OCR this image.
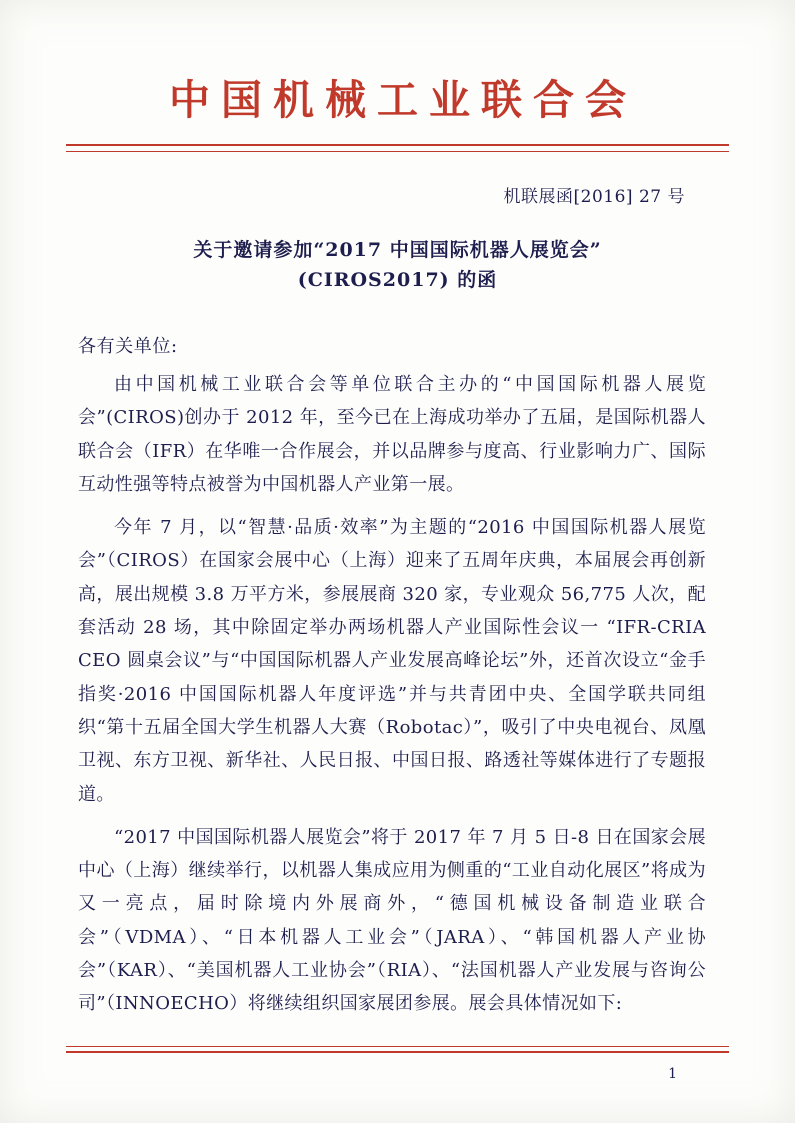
中国机械工业联合会
机联展函[2016] 27 号
关于邀请参加“2017 中国国际机器人展览会”
(CIROS2017) 的函
各有关单位:

由中国机械工业联合会等单位联合主办的“中国国际机器人展览会”(CIROS)创办于 2012 年，至今已在上海成功举办了五届，是国际机器人联合会（IFR）在华唯一合作展会，并以品牌参与度高、行业影响力广、国际互动性强等特点被誉为中国机器人产业第一展。

今年 7 月，以“智慧·品质·效率”为主题的“2016 中国国际机器人展览会”（CIROS）在国家会展中心（上海）迎来了五周年庆典，本届展会再创新高，展出规模 3.8 万平方米，参展展商 320 家，专业观众 56,775 人次，配套活动 28 场，其中除固定举办两场机器人产业国际性会议一 “IFR-CRIA CEO 圆桌会议”与“中国国际机器人产业发展高峰论坛”外，还首次设立“金手指奖·2016 中国国际机器人年度评选”并与共青团中央、全国学联共同组织“第十五届全国大学生机器人大赛（Robotac）”，吸引了中央电视台、凤凰卫视、东方卫视、新华社、人民日报、中国日报、路透社等媒体进行了专题报道。

“2017 中国国际机器人展览会”将于 2017 年 7 月 5 日-8 日在国家会展中心（上海）继续举行，以机器人集成应用为侧重的“工业自动化展区”将成为又一亮点，届时除境内外展商外，“德国机械设备制造业联合会”（VDMA）、“日本机器人工业会”（JARA）、“韩国机器人产业协会”（KAR）、“美国机器人工业协会”（RIA）、“法国机器人产业发展与咨询公司”（INNOECHO）将继续组织国家展团参展。展会具体情况如下:

1
